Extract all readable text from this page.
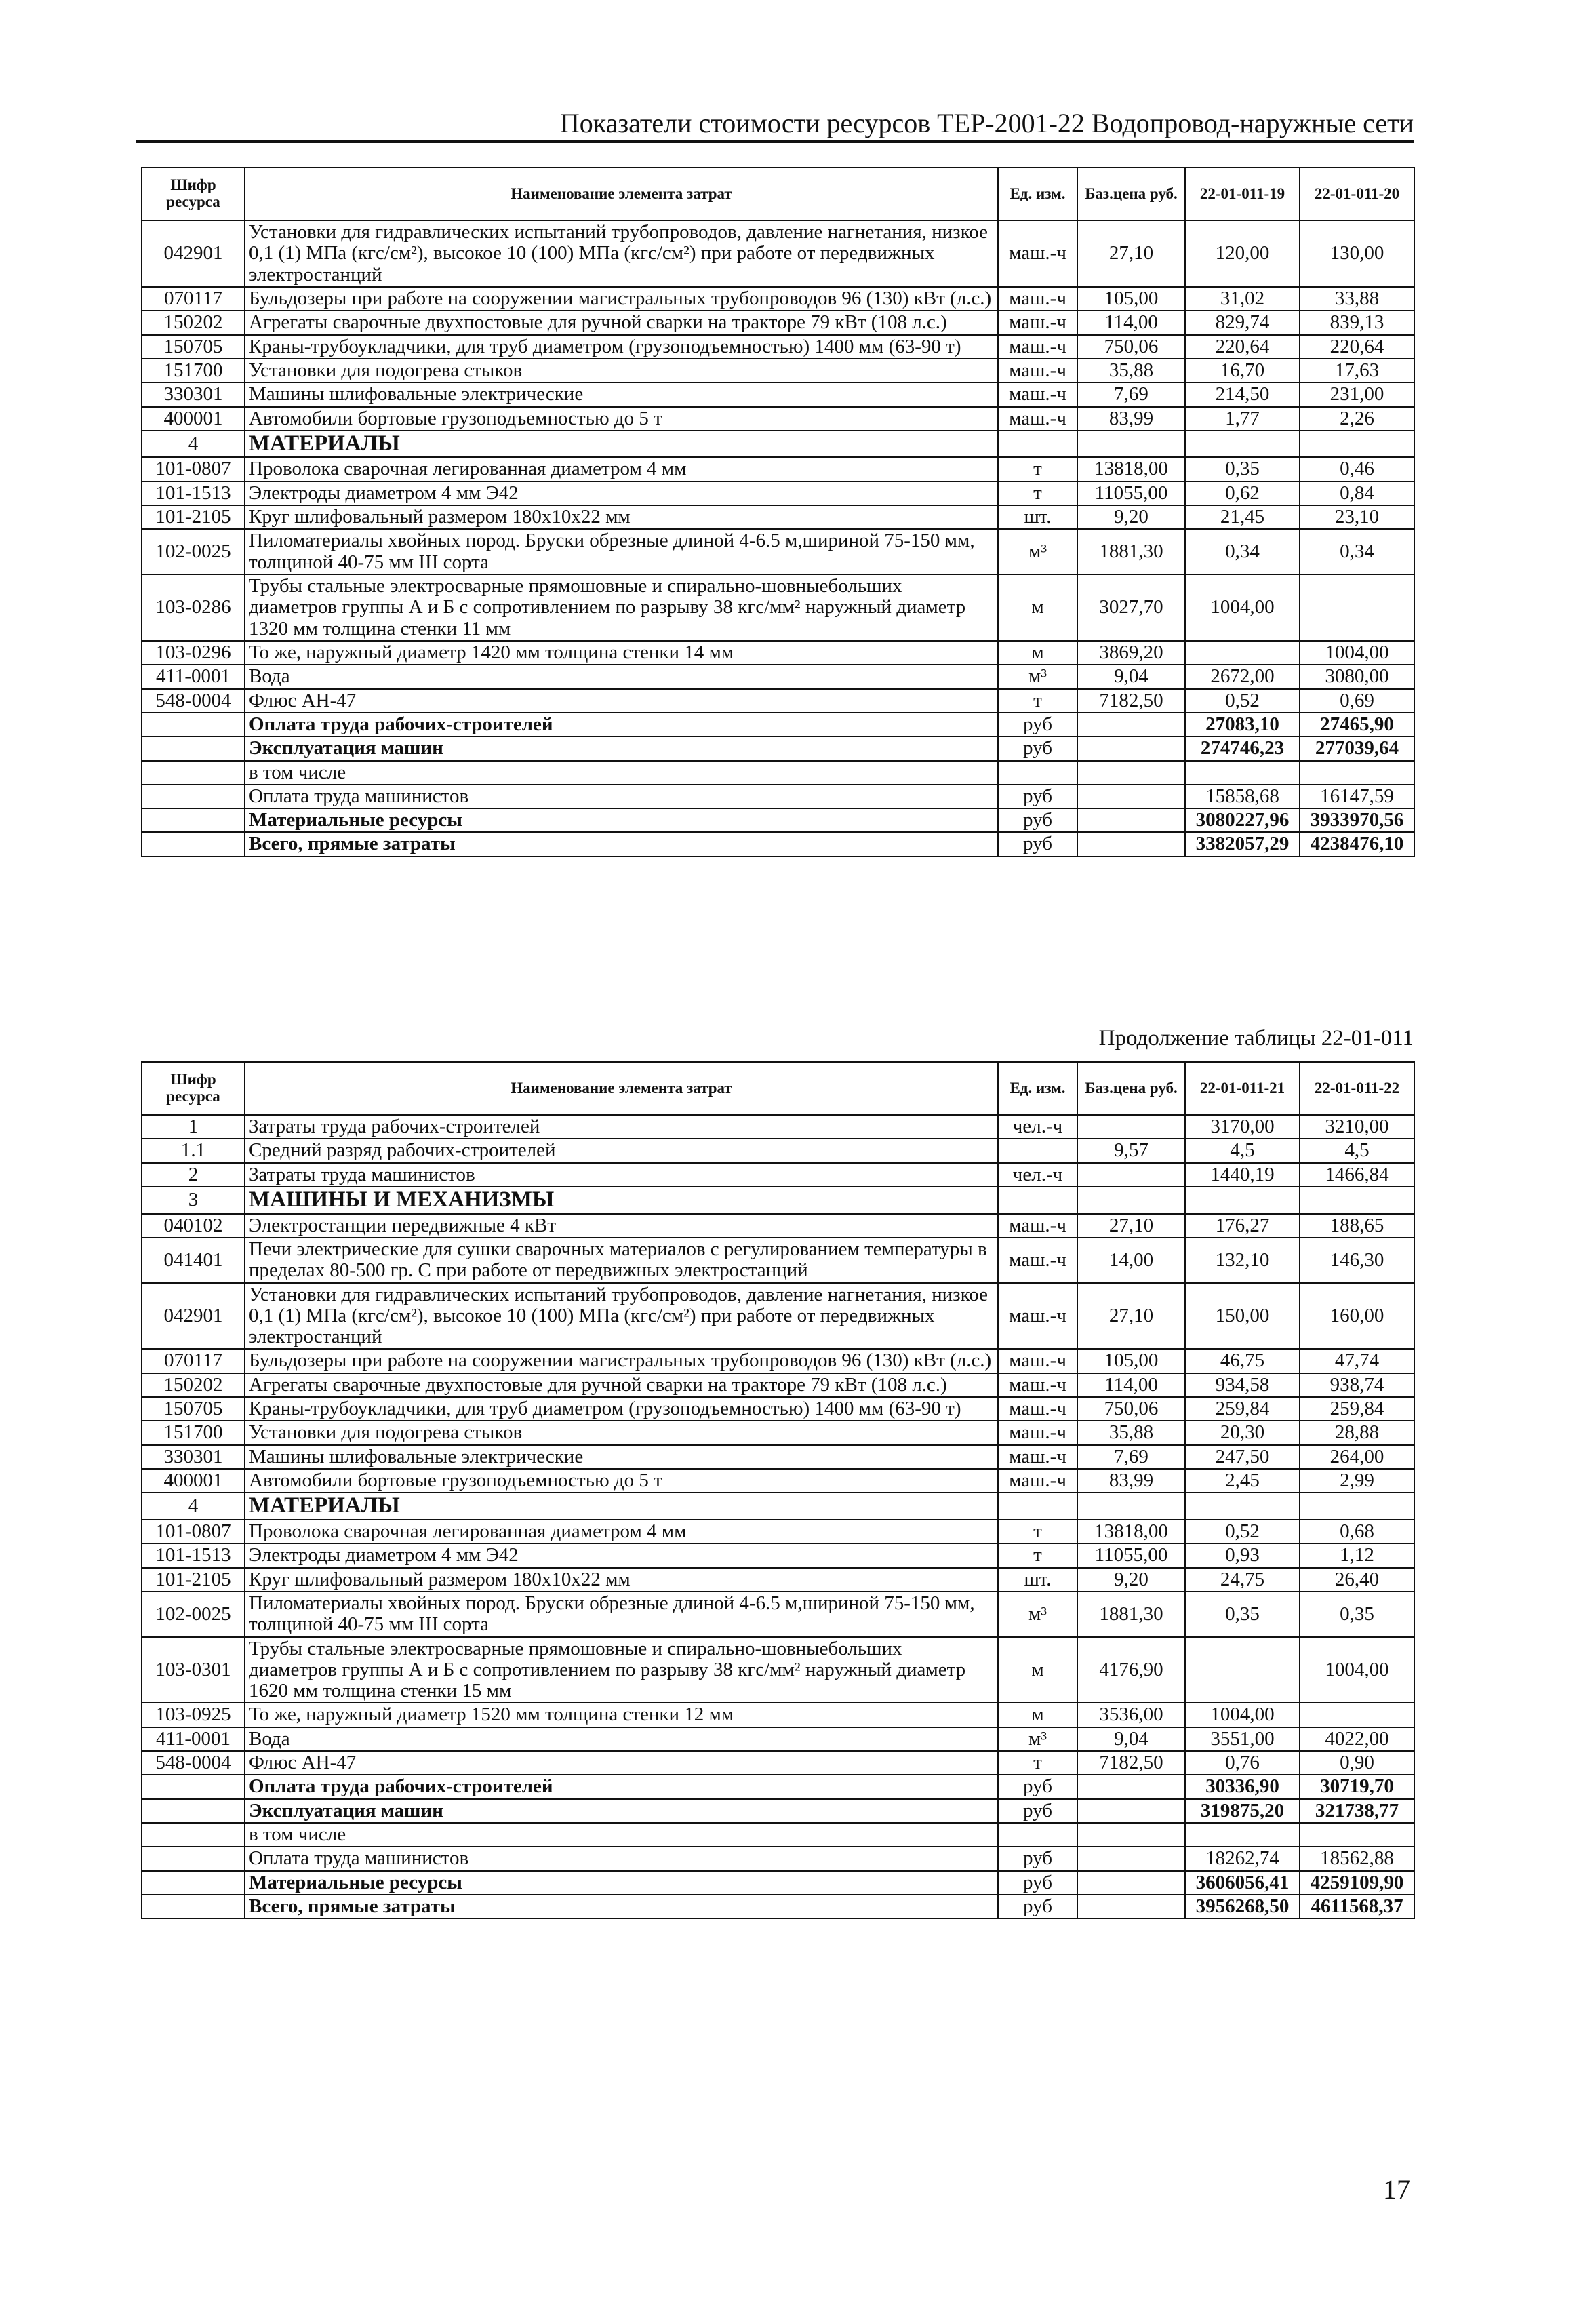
Показатели стоимости ресурсов ТЕР-2001-22 Водопровод-наружные сети
Шифр ресурса	Наименование элемента затрат	Ед. изм.	Баз.цена руб.	22-01-011-19	22-01-011-20
042901	Установки для гидравлических испытаний трубопроводов, давление нагнетания, низкое 0,1 (1) МПа (кгс/см²), высокое 10 (100) МПа (кгс/см²) при работе от передвижных электростанций	маш.-ч	27,10	120,00	130,00
070117	Бульдозеры при работе на сооружении магистральных трубопроводов 96 (130) кВт (л.с.)	маш.-ч	105,00	31,02	33,88
150202	Агрегаты сварочные двухпостовые для ручной сварки на тракторе 79 кВт (108 л.с.)	маш.-ч	114,00	829,74	839,13
150705	Краны-трубоукладчики, для труб диаметром (грузоподъемностью) 1400 мм (63-90 т)	маш.-ч	750,06	220,64	220,64
151700	Установки для подогрева стыков	маш.-ч	35,88	16,70	17,63
330301	Машины шлифовальные электрические	маш.-ч	7,69	214,50	231,00
400001	Автомобили бортовые грузоподъемностью до 5 т	маш.-ч	83,99	1,77	2,26
4	МАТЕРИАЛЫ				
101-0807	Проволока сварочная легированная диаметром 4 мм	т	13818,00	0,35	0,46
101-1513	Электроды диаметром 4 мм Э42	т	11055,00	0,62	0,84
101-2105	Круг шлифовальный размером 180x10x22 мм	шт.	9,20	21,45	23,10
102-0025	Пиломатериалы хвойных пород. Бруски обрезные длиной 4-6.5 м,шириной 75-150 мм, толщиной 40-75 мм III сорта	м³	1881,30	0,34	0,34
103-0286	Трубы стальные электросварные прямошовные и спирально-шовныебольших диаметров группы А и Б с сопротивлением по разрыву 38 кгс/мм² наружный диаметр 1320 мм толщина стенки 11 мм	м	3027,70	1004,00	
103-0296	То же, наружный диаметр 1420 мм толщина стенки 14 мм	м	3869,20		1004,00
411-0001	Вода	м³	9,04	2672,00	3080,00
548-0004	Флюс АН-47	т	7182,50	0,52	0,69
	Оплата труда рабочих-строителей	руб		27083,10	27465,90
	Эксплуатация машин	руб		274746,23	277039,64
	в том числе				
	Оплата труда машинистов	руб		15858,68	16147,59
	Материальные ресурсы	руб		3080227,96	3933970,56
	Всего, прямые затраты	руб		3382057,29	4238476,10
Продолжение таблицы 22-01-011
Шифр ресурса	Наименование элемента затрат	Ед. изм.	Баз.цена руб.	22-01-011-21	22-01-011-22
1	Затраты труда рабочих-строителей	чел.-ч		3170,00	3210,00
1.1	Средний разряд рабочих-строителей		9,57	4,5	4,5
2	Затраты труда машинистов	чел.-ч		1440,19	1466,84
3	МАШИНЫ И МЕХАНИЗМЫ				
040102	Электростанции передвижные 4 кВт	маш.-ч	27,10	176,27	188,65
041401	Печи электрические для сушки сварочных материалов с регулированием температуры в пределах 80-500 гр. С при работе от передвижных электростанций	маш.-ч	14,00	132,10	146,30
042901	Установки для гидравлических испытаний трубопроводов, давление нагнетания, низкое 0,1 (1) МПа (кгс/см²), высокое 10 (100) МПа (кгс/см²) при работе от передвижных электростанций	маш.-ч	27,10	150,00	160,00
070117	Бульдозеры при работе на сооружении магистральных трубопроводов 96 (130) кВт (л.с.)	маш.-ч	105,00	46,75	47,74
150202	Агрегаты сварочные двухпостовые для ручной сварки на тракторе 79 кВт (108 л.с.)	маш.-ч	114,00	934,58	938,74
150705	Краны-трубоукладчики, для труб диаметром (грузоподъемностью) 1400 мм (63-90 т)	маш.-ч	750,06	259,84	259,84
151700	Установки для подогрева стыков	маш.-ч	35,88	20,30	28,88
330301	Машины шлифовальные электрические	маш.-ч	7,69	247,50	264,00
400001	Автомобили бортовые грузоподъемностью до 5 т	маш.-ч	83,99	2,45	2,99
4	МАТЕРИАЛЫ				
101-0807	Проволока сварочная легированная диаметром 4 мм	т	13818,00	0,52	0,68
101-1513	Электроды диаметром 4 мм Э42	т	11055,00	0,93	1,12
101-2105	Круг шлифовальный размером 180x10x22 мм	шт.	9,20	24,75	26,40
102-0025	Пиломатериалы хвойных пород. Бруски обрезные длиной 4-6.5 м,шириной 75-150 мм, толщиной 40-75 мм III сорта	м³	1881,30	0,35	0,35
103-0301	Трубы стальные электросварные прямошовные и спирально-шовныебольших диаметров группы А и Б с сопротивлением по разрыву 38 кгс/мм² наружный диаметр 1620 мм толщина стенки 15 мм	м	4176,90		1004,00
103-0925	То же, наружный диаметр 1520 мм толщина стенки 12 мм	м	3536,00	1004,00	
411-0001	Вода	м³	9,04	3551,00	4022,00
548-0004	Флюс АН-47	т	7182,50	0,76	0,90
	Оплата труда рабочих-строителей	руб		30336,90	30719,70
	Эксплуатация машин	руб		319875,20	321738,77
	в том числе				
	Оплата труда машинистов	руб		18262,74	18562,88
	Материальные ресурсы	руб		3606056,41	4259109,90
	Всего, прямые затраты	руб		3956268,50	4611568,37
17
